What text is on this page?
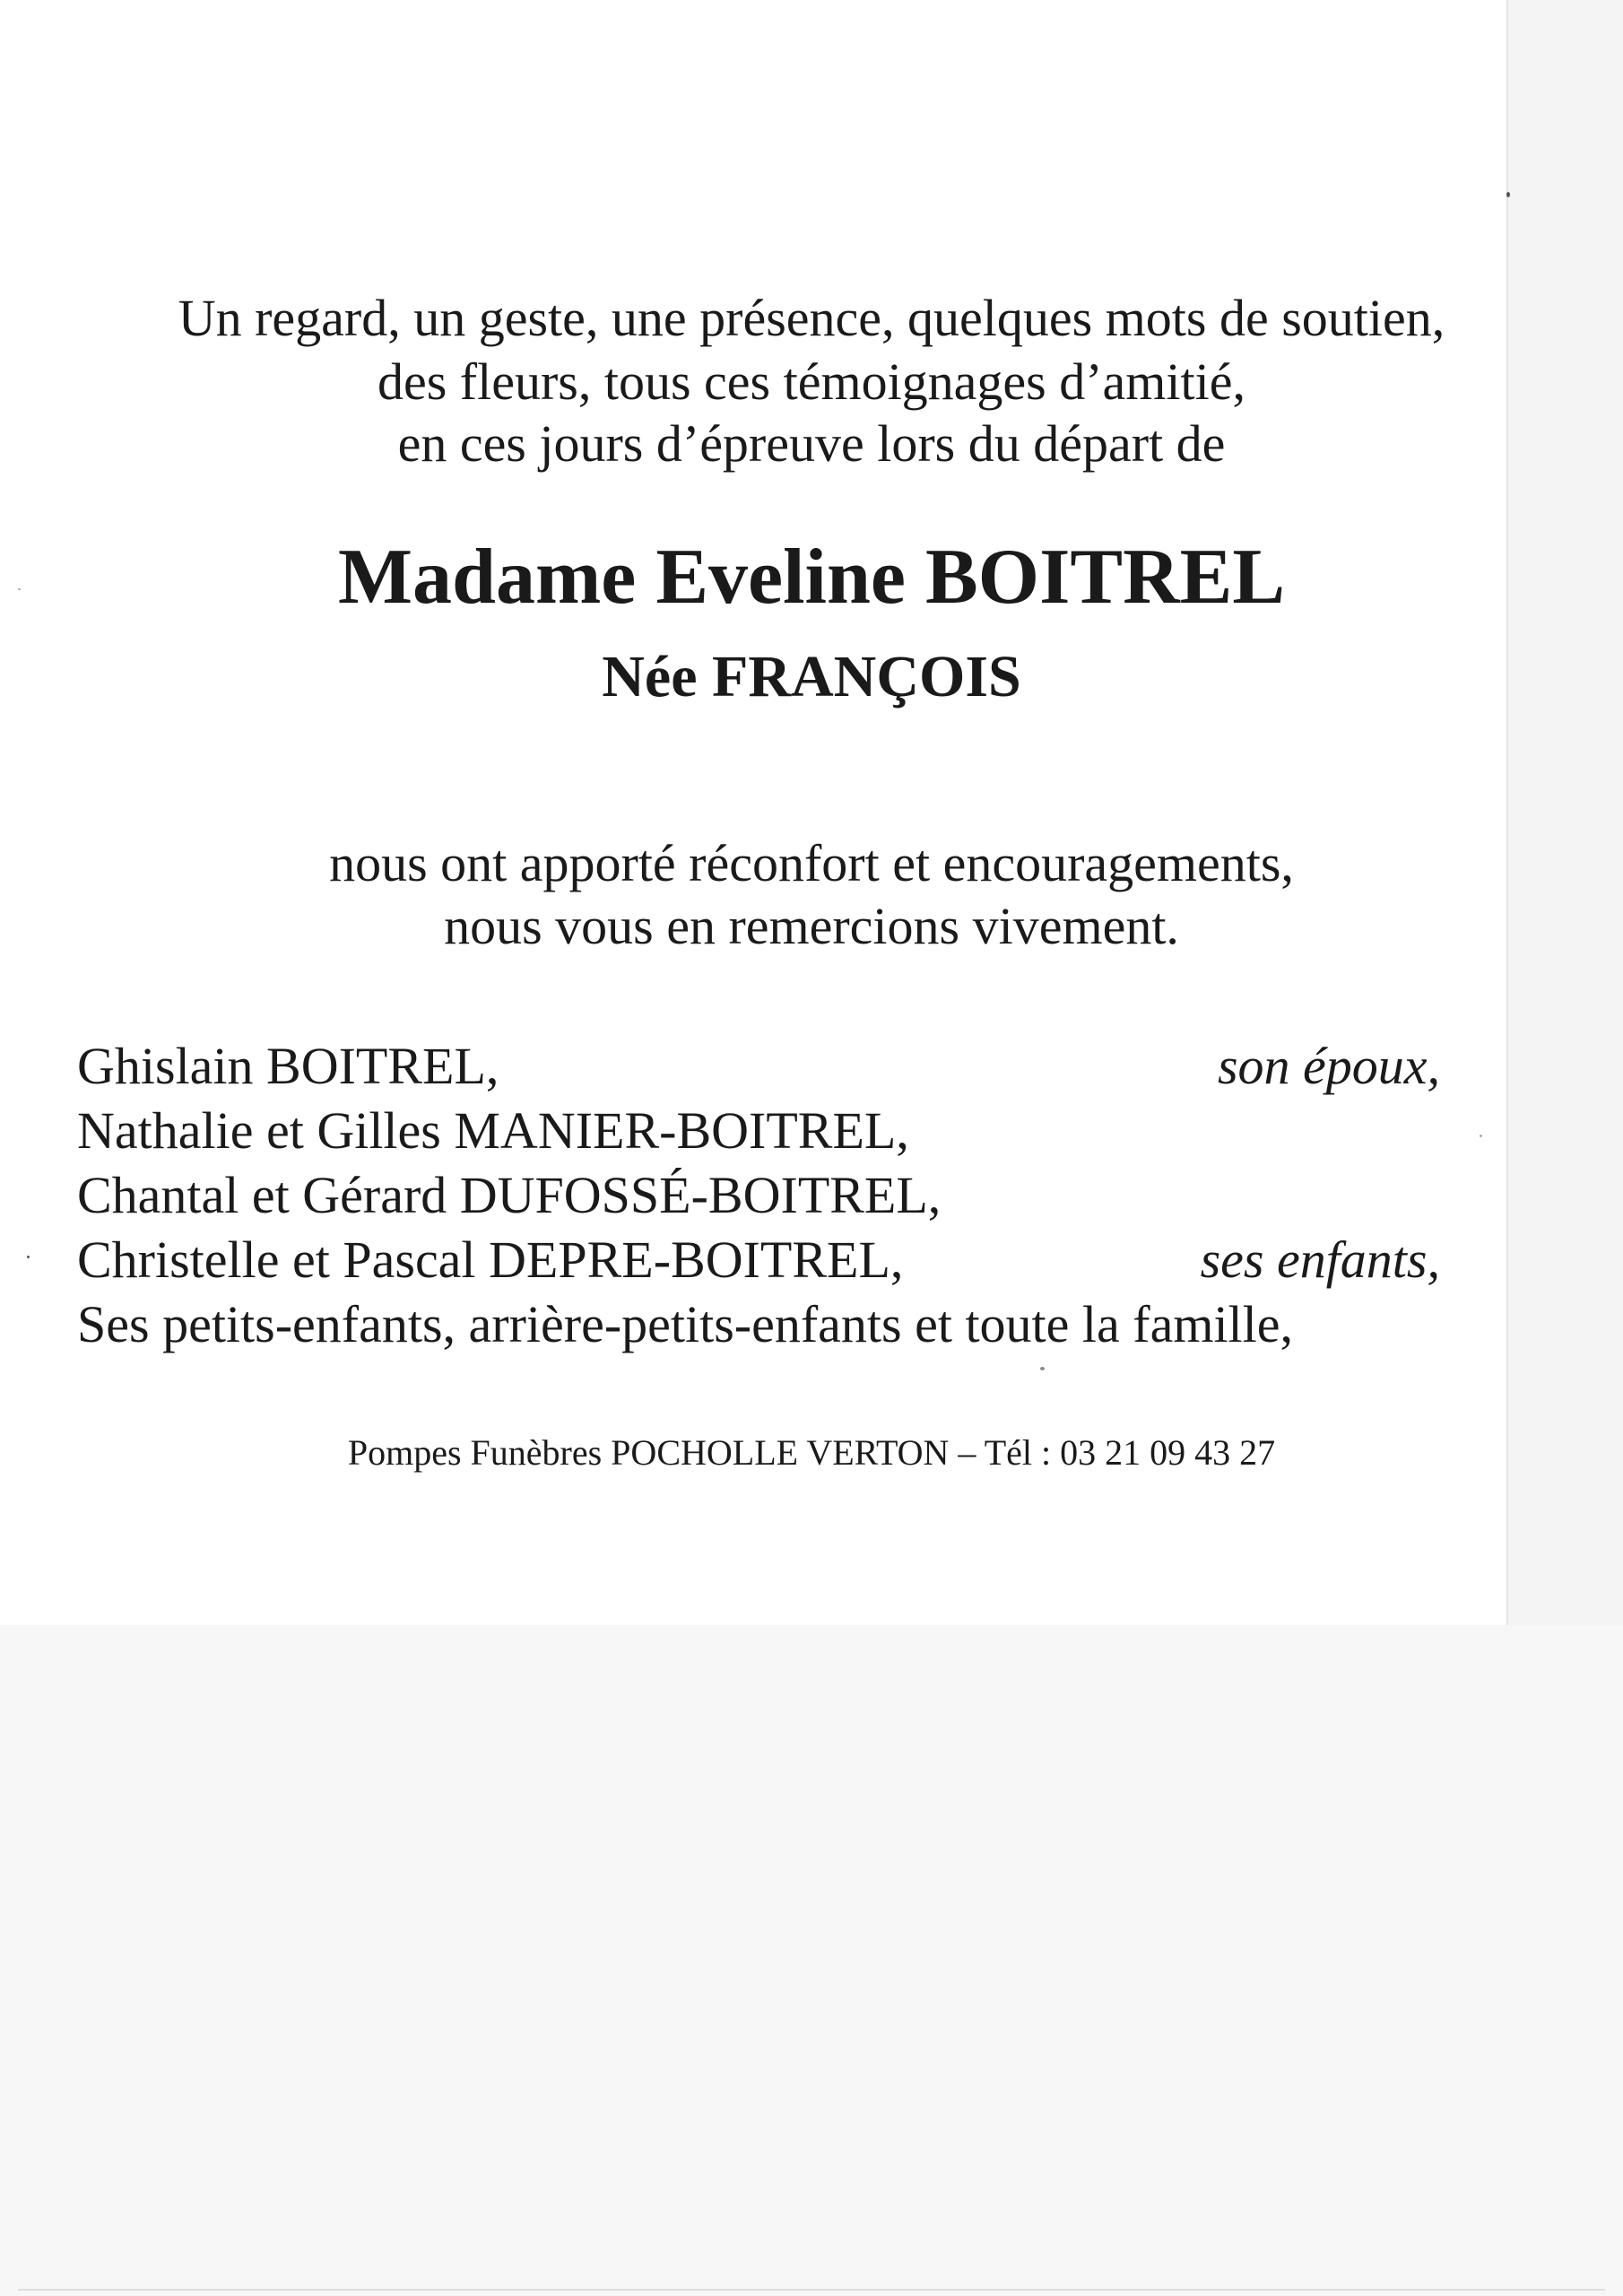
Un regard, un geste, une présence, quelques mots de soutien,
des fleurs, tous ces témoignages d’amitié,
en ces jours d’épreuve lors du départ de
Madame Eveline BOITREL
Née FRANÇOIS
nous ont apporté réconfort et encouragements,
nous vous en remercions vivement.
Ghislain BOITREL,	son époux,
Nathalie et Gilles MANIER-BOITREL,
Chantal et Gérard DUFOSSÉ-BOITREL,
Christelle et Pascal DEPRE-BOITREL,	ses enfants,
Ses petits-enfants, arrière-petits-enfants et toute la famille,
Pompes Funèbres POCHOLLE VERTON – Tél : 03 21 09 43 27
